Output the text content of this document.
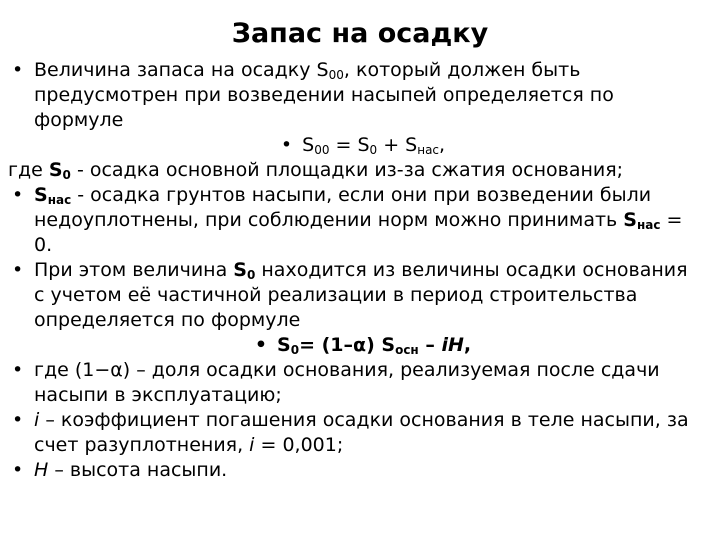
Запас на осадку
• Величина запаса на осадку $S_{00}$, который должен быть предусмотрен при возведении насыпей определяется по формуле
• $S_{00} = S_0 + S_{нас}$,
где $S_0$ - осадка основной площадки из-за сжатия основания;
• $S_{нас}$ - осадка грунтов насыпи, если они при возведении были недоуплотнены, при соблюдении норм можно принимать $S_{нас} = 0$.
• При этом величина $S_0$ находится из величины осадки основания с учетом её частичной реализации в период строительства определяется по формуле
• $S_0= (1-\alpha)$ $S_{осн}$ – iH,
• где (1−α) – доля осадки основания, реализуемая после сдачи насыпи в эксплуатацию;
• i – коэффициент погашения осадки основания в теле насыпи, за счет разуплотнения, i = 0,001;
• H – высота насыпи.
